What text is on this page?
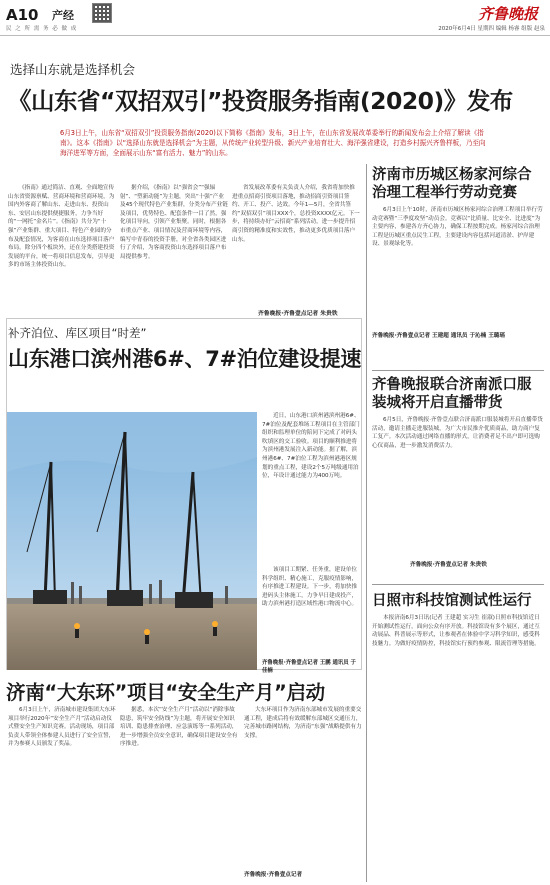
A10 产经
民 之 所 需 务 必 做 成
齐鲁晚报
2020年6月4日 星期四 编辑 杨睿 组版 赵泉
选择山东就是选择机会
《山东省“双招双引”投资服务指南(2020)》发布
6月3日上午，山东省“双招双引”投资服务指南(2020)以下简称《指南》发布，3日上午，在山东省发展改革委举行的新闻发布会上介绍了解读《指南》。这本《指南》以“选择山东就是选择机会”为主题，从传统产业转型升级、新兴产业培育壮大、海洋强省建设，打造乡村振兴齐鲁样板，乃至向海洋进军等方面，全面展示山东“富有活力、魅力”的山东。

《指南》通过简洁、直观、全面地宣传山东省资源禀赋、营商环境和营商环境，为国内外客商了解山东、走进山东、投资山东、安居山东提供便捷服务，力争当好的“一网托”金名片”。《指南》共分为“十强”产业集群、重大项目、特色产业园的分布及配套情况，为客商在山东选择项目落户布局。除分四个板块外，还在分类搭建投资发展的平台，统一将项目信息发布，引导更多的市场主体投资山东。

据介绍，《指南》以“强省会”“强辐射”、“塑新动能”为主题，突出“十强”产业及45个现代特色产业集群，分类分布产业链及项目，优势特色、配套条件一目了然，强化项目导向，引领产业集聚。同时，根据各市重点产业、项目情况及营商环境等内容，编写中青春的投资手册，对全省各类园区进行了介绍，为客商投资山东选择项目落户布局提供参考。

省发展改革委有关负责人介绍，我省将加快推进重点招商引资项目落地，推动招商引资项目签约、开工、投产、达效。今年1—5月，全省共签约“双招双引”项目XXX个，总投资XXXX亿元。下一步，将持续办好“云招商”系列活动，进一步提升招商引资的精准度和实效性，推动更多优质项目落户山东。

齐鲁晚报·齐鲁壹点记者 朱贵铁
补齐泊位、库区项目“时差”
山东港口滨州港6#、7#泊位建设提速

近日，山东港口滨州港滨州港6#、7#泊位及配套堆场工程项目在主管部门组织和监理单位的陪同下完成了对码头吹填区的交工验收。项目的顺利推进将为滨州港发展注入新动能。据了解，滨州港6#、7#泊位工程为滨州港港区规划的重点工程，建设2个5万吨级通用泊位，年设计通过能力为400万吨。

该项目工期紧、任务重，建设单位科学组织、精心施工，克服疫情影响，有序推进工程建设。下一步，将加快推进码头主体施工，力争早日建成投产，助力滨州港打造区域性港口物流中心。

齐鲁晚报·齐鲁壹点记者 王鹏 通讯员 于佳楠
济南“大东环”项目“安全生产月”启动

6月3日上午，济南城市建设集团大东环项目举行2020年“安全生产月”活动启动仪式暨安全生产知识竞赛。活动现场，项目部负责人带领全体参建人员进行了安全宣誓，并为参赛人员颁发了奖品。

据悉，本次“安全生产月”活动以“消除事故隐患，筑牢安全防线”为主题，将开展安全知识培训、隐患排查治理、应急演练等一系列活动，进一步增强全员安全意识，确保项目建设安全有序推进。

大东环项目作为济南东部城市发展的重要交通工程，建成后将有效缓解东部城区交通压力，完善城市路网结构，为济南“东强”战略提供有力支撑。

齐鲁晚报·齐鲁壹点记者
济南市历城区杨家河综合治理工程举行劳动竞赛

6月3日上午10时，济南市历城区杨家河综合治理工程项目举行劳动竞赛暨“三季度攻坚”动员会。竞赛以“比质量、比安全、比进度”为主要内容，参建各方齐心协力，确保工程按期完成。杨家河综合治理工程是历城区重点民生工程，主要建设内容包括河道清淤、护岸建设、景观绿化等。

齐鲁晚报·齐鲁壹点记者 王建超 通讯员 于沁楠 王璐瑶
齐鲁晚报联合济南派口服装城将开启直播带货

6月5日，齐鲁晚报·齐鲁壹点联合济南派口服装城将开启直播带货活动，邀请主播走进服装城，为广大市民推介优质商品，助力商户复工复产。本次活动通过网络直播的形式，让消费者足不出户即可选购心仪商品，进一步激发消费活力。

齐鲁晚报·齐鲁壹点记者 朱贵铁
日照市科技馆测试性运行

本报济南6月3日讯(记者 王建超 实习生 崔淑)日照市科技馆近日开始测试性运行，面向公众有序开放。科技馆设有多个展区，通过互动展品、科普展示等形式，让参观者在体验中学习科学知识，感受科技魅力。为做好疫情防控，科技馆实行预约参观、限流管理等措施。
